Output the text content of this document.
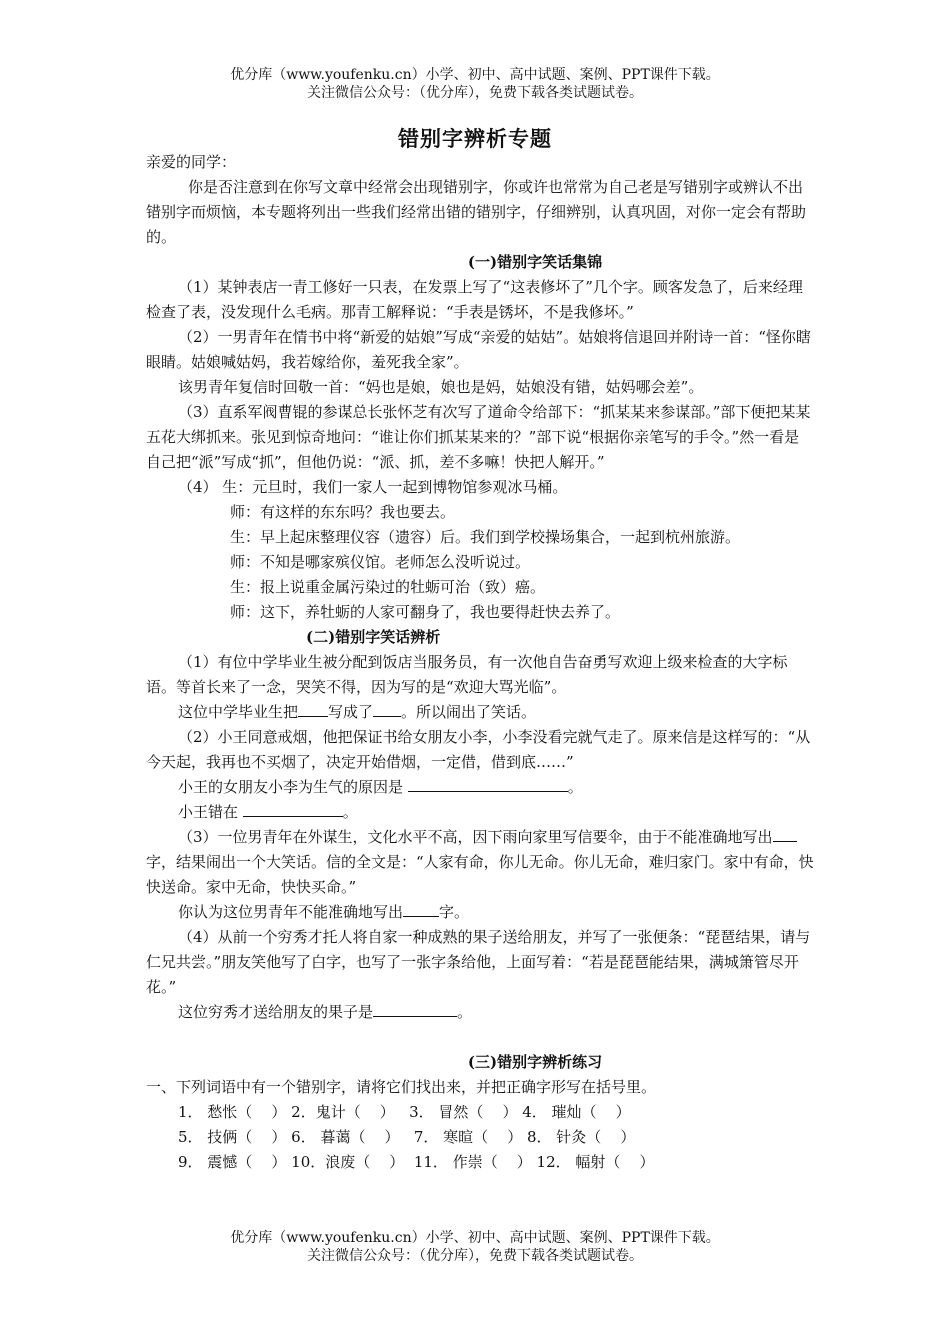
优分库（www.youfenku.cn）小学、初中、高中试题、案例、PPT课件下载。
关注微信公众号：（优分库），免费下载各类试题试卷。
错别字辨析专题

亲爱的同学：

你是否注意到在你写文章中经常会出现错别字，你或许也常常为自己老是写错别字或辨认不出错别字而烦恼，本专题将列出一些我们经常出错的错别字，仔细辨别，认真巩固，对你一定会有帮助的。

(一)错别字笑话集锦

（1）某钟表店一青工修好一只表，在发票上写了“这表修坏了”几个字。顾客发急了，后来经理检查了表，没发现什么毛病。那青工解释说：“手表是锈坏，不是我修坏。”

（2）一男青年在情书中将“新爱的姑娘”写成“亲爱的姑姑”。姑娘将信退回并附诗一首：“怪你瞎眼睛。姑娘喊姑妈，我若嫁给你，羞死我全家”。

该男青年复信时回敬一首：“妈也是娘，娘也是妈，姑娘没有错，姑妈哪会差”。

（3）直系军阀曹锟的参谋总长张怀芝有次写了道命令给部下：“抓某某来参谋部。”部下便把某某五花大绑抓来。张见到惊奇地问：“谁让你们抓某某来的？”部下说“根据你亲笔写的手令。”然一看是自己把“派”写成“抓”，但他仍说：“派、抓，差不多嘛！快把人解开。”

（4） 生：元旦时，我们一家人一起到博物馆参观冰马桶。

师：有这样的东东吗？我也要去。

生：早上起床整理仪容（遗容）后。我们到学校操场集合，一起到杭州旅游。

师：不知是哪家殡仪馆。老师怎么没听说过。

生：报上说重金属污染过的牡蛎可治（致）癌。

师：这下，养牡蛎的人家可翻身了，我也要得赶快去养了。

(二)错别字笑话辨析

（1）有位中学毕业生被分配到饭店当服务员，有一次他自告奋勇写欢迎上级来检查的大字标语。等首长来了一念，哭笑不得，因为写的是“欢迎大骂光临”。

这位中学毕业生把 写成了 。所以闹出了笑话。

（2）小王同意戒烟，他把保证书给女朋友小李，小李没看完就气走了。原来信是这样写的：“从今天起，我再也不买烟了，决定开始借烟，一定借，借到底……”

小王的女朋友小李为生气的原因是	。

小王错在	。

（3）一位男青年在外谋生，文化水平不高，因下雨向家里写信要伞，由于不能准确地写出字，结果闹出一个大笑话。信的全文是：“人家有命，你儿无命。你儿无命，难归家门。家中有命，快快送命。家中无命，快快买命。”

你认为这位男青年不能准确地写出 字。

（4）从前一个穷秀才托人将自家一种成熟的果子送给朋友，并写了一张便条：“琵琶结果，请与仁兄共尝。”朋友笑他写了白字，也写了一张字条给他，上面写着：“若是琵琶能结果，满城箫管尽开花。”

这位穷秀才送给朋友的果子是	。

(三)错别字辨析练习

一、下列词语中有一个错别字，请将它们找出来，并把正确字形写在括号里。

1． 愁怅（    ） 2．鬼计（    ）   3． 冒然（    ） 4． 璀灿（    ）

5． 技俩（    ） 6． 暮蔼（    ）   7． 寒暄（    ） 8． 针灸（    ）

9． 震憾（    ） 10．浪废（    ）  11． 作崇（    ） 12． 幅射（    ）

优分库（www.youfenku.cn）小学、初中、高中试题、案例、PPT课件下载。
关注微信公众号：（优分库），免费下载各类试题试卷。
